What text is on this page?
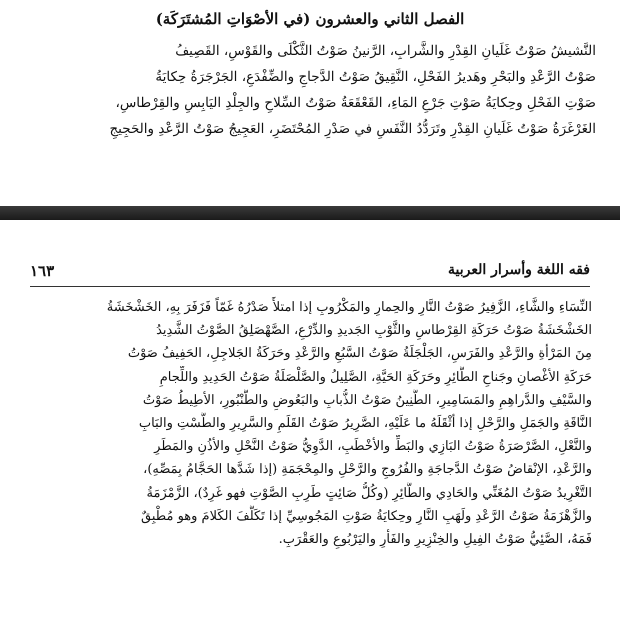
الفصل الثاني والعشرون (في الأصْوَاتِ المُشتَرَكَة)
النَّشيشُ صَوْتُ غَلَيانِ القِدْرِ والشَّرابِ، الرَّنينُ صَوْتُ الثَّكْلَى والقَوْسِ، القَصِيفُ
صَوْتُ الرَّعْدِ والبَحْرِ وهَديرُ الفَحْلِ، النَّقِيقُ صَوْتُ الدَّجاجِ والضِّفْدَعِ، الجَرْجَرَةُ حِكايَةُ
صَوْتِ الفَحْلِ وحِكايَةُ صَوْتِ جَرْعِ المَاءِ، القَعْقَعَةُ صَوْتُ السِّلاحِ والجِلْدِ اليَابِسِ والقِرْطاسِ،
الغَرْغَرَةُ صَوْتُ غَلَيانِ القِدْرِ وتَرَدُّدُ النَّفَسِ في صَدْرِ المُحْتَضَرِ، العَجِيجُ صَوْتُ الرَّعْدِ والحَجِيجِ
فقه اللغة وأسرار العربية
١٦٣
النِّسَاءِ والشَّاءِ، الزَّفِيرُ صَوْتُ النَّارِ والحِمارِ والمَكْرُوبِ إذا امتلأَ صَدْرُهُ غَمّاً فَزَفَرَ بِهِ، الخَشْخَشَةُ
الخَشْخَشَةُ صَوْتُ حَرَكَةِ القِرْطاسِ والثَّوْبِ الجَديدِ والدِّرْعِ، الصَّهْصَلِقُ الصَّوْتُ الشَّدِيدُ
مِنَ المَرْأةِ والرَّعْدِ والفَرَسِ، الجَلْجَلَةُ صَوْتُ السَّبُعِ والرَّعْدِ وحَرَكَةُ الجَلاجِلِ، الحَفِيفُ صَوْتُ
حَرَكَةِ الأغْصانِ وجَناحِ الطَّائِرِ وحَرَكَةِ الحَيَّةِ، الصَّلِيلُ والصَّلْصَلَةُ صَوْتُ الحَدِيدِ واللِّجامِ
والسَّيْفِ والدَّراهِمِ والمَسَامِيرِ، الطَّنِينُ صَوْتُ الذُّبابِ والبَعُوضِ والطُّنْبُورِ، الأطِيطُ صَوْتُ
النَّاقَةِ والجَمَلِ والرَّحْلِ إذا أثْقَلَهُ ما عَلَيْهِ، الصَّرِيرُ صَوْتُ القَلَمِ والسَّرِيرِ والطَّسْتِ والبَابِ
والنَّعْلِ، الصَّرْصَرَةُ صَوْتُ البَازِي والبَطِّ والأخْطَبِ، الدَّوِيُّ صَوْتُ النَّحْلِ والأذُنِ والمَطَرِ
والرَّعْدِ، الإنْقاضُ صَوْتُ الدَّجاجَةِ والفُرُوجِ والرَّحْلِ والمِحْجَمَةِ (إذا شَدَّها الحَجَّامُ بِمَصِّهِ)،
التَّغْرِيدُ صَوْتُ المُغَنِّي والحَادِي والطَّائِرِ (وكُلُّ صَائِتٍ طَرِبِ الصَّوْتِ فهو غَرِدٌ)، الزَّمْزَمَةُ
والزَّهْزَمَةُ صَوْتُ الرَّعْدِ ولَهَبِ النَّارِ وحِكايَةُ صَوْتِ المَجُوسِيِّ إذا تَكَلَّفَ الكَلامَ وهو مُطْبِقٌ
فَمَهُ، الصَّئِيُّ صَوْتُ الفِيلِ والخِنْزِيرِ والفَأرِ واليَرْبُوعِ والعَقْرَبِ.
